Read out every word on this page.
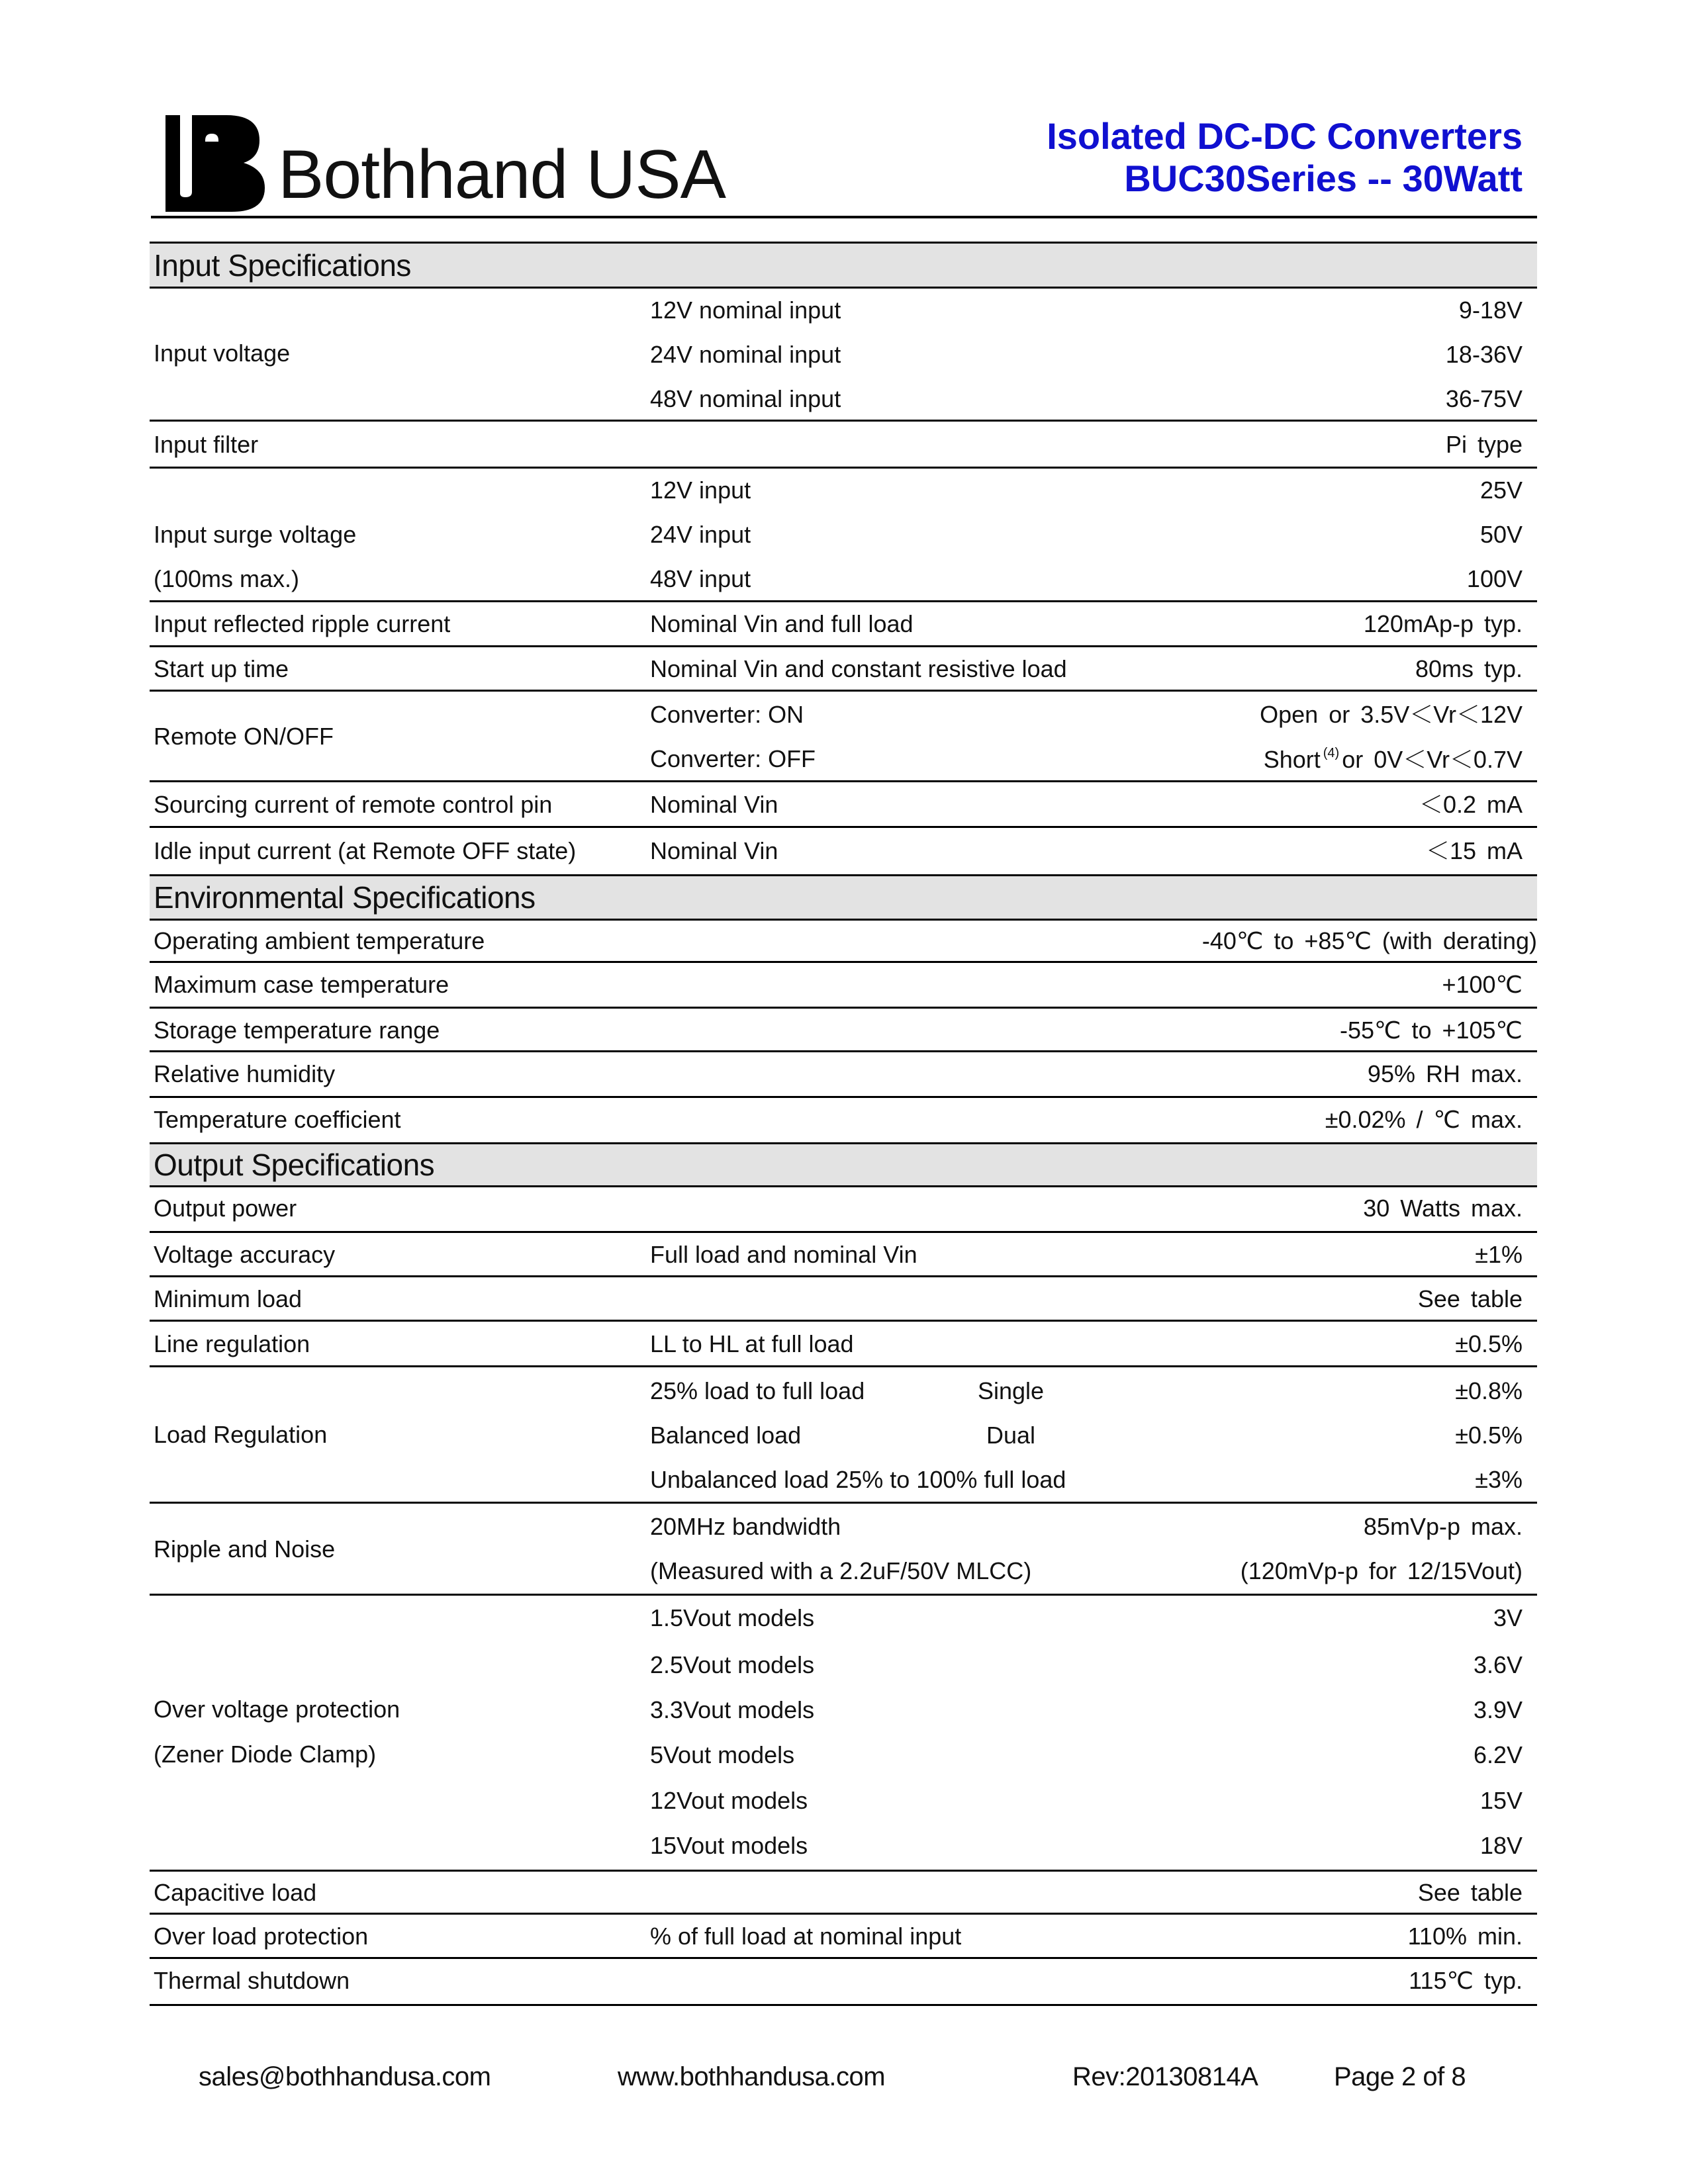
Bothhand USA
Isolated DC-DC Converters
BUC30Series -- 30Watt
Input Specifications
Input voltage
12V nominal input	9-18V
24V nominal input	18-36V
48V nominal input	36-75V
Input filter	Pi type
Input surge voltage
(100ms max.)
12V input	25V
24V input	50V
48V input	100V
Input reflected ripple current	Nominal Vin and full load	120mAp-p typ.
Start up time	Nominal Vin and constant resistive load	80ms typ.
Remote ON/OFF
Converter: ON	Open or 3.5V＜Vr＜12V
Converter: OFF	Short $^{(4)}$ or 0V＜Vr＜0.7V
Sourcing current of remote control pin	Nominal Vin	＜0.2 mA
Idle input current (at Remote OFF state)	Nominal Vin	＜15 mA
Environmental Specifications
Operating ambient temperature	-40℃ to +85℃ (with derating)
Maximum case temperature	+100℃
Storage temperature range	-55℃ to +105℃
Relative humidity	95% RH max.
Temperature coefficient	±0.02% / ℃ max.
Output Specifications
Output power	30 Watts max.
Voltage accuracy	Full load and nominal Vin	±1%
Minimum load	See table
Line regulation	LL to HL at full load	±0.5%
Load Regulation
25% load to full load	Single	±0.8%
Balanced load	Dual	±0.5%
Unbalanced load 25% to 100% full load	±3%
Ripple and Noise
20MHz bandwidth	85mVp-p max.
(Measured with a 2.2uF/50V MLCC)	(120mVp-p for 12/15Vout)
Over voltage protection
(Zener Diode Clamp)
1.5Vout models	3V
2.5Vout models	3.6V
3.3Vout models	3.9V
5Vout models	6.2V
12Vout models	15V
15Vout models	18V
Capacitive load	See table
Over load protection	% of full load at nominal input	110% min.
Thermal shutdown	115℃ typ.
sales@bothhandusa.com	www.bothhandusa.com	Rev:20130814A	Page 2 of 8
